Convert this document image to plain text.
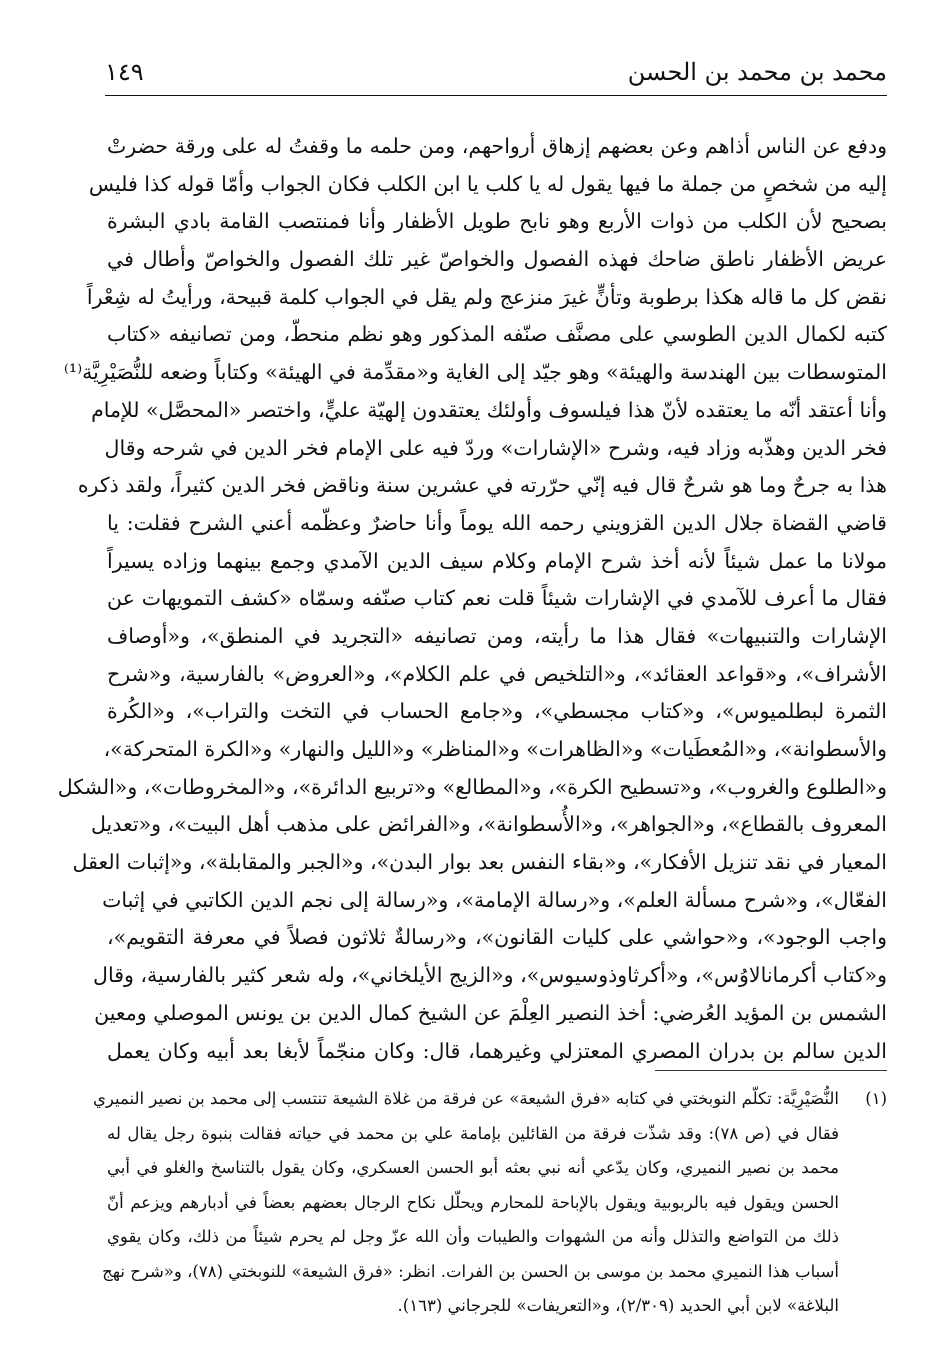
محمد بن محمد بن الحسن
١٤٩
ودفع عن الناس أذاهم وعن بعضهم إزهاق أرواحهم، ومن حلمه ما وقفتُ له على ورقة حضرتْ
إليه من شخصٍ من جملة ما فيها يقول له يا كلب يا ابن الكلب فكان الجواب وأمّا قوله كذا فليس
بصحيح لأن الكلب من ذوات الأربع وهو نابح طويل الأظفار وأنا فمنتصب القامة بادي البشرة
عريض الأظفار ناطق ضاحك فهذه الفصول والخواصّ غير تلك الفصول والخواصّ وأطال في
نقض كل ما قاله هكذا برطوبة وتأنٍّ غيرَ منزعج ولم يقل في الجواب كلمة قبيحة، ورأيتُ له شِعْراً
كتبه لكمال الدين الطوسي على مصنَّف صنّفه المذكور وهو نظم منحطّ، ومن تصانيفه «كتاب
المتوسطات بين الهندسة والهيئة» وهو جيّد إلى الغاية و«مقدِّمة في الهيئة» وكتاباً وضعه للنُّصَيْرِيَّة⁽¹⁾
وأنا أعتقد أنّه ما يعتقده لأنّ هذا فيلسوف وأولئك يعتقدون إلهيّة عليٍّ، واختصر «المحصَّل» للإمام
فخر الدين وهذّبه وزاد فيه، وشرح «الإشارات» وردّ فيه على الإمام فخر الدين في شرحه وقال
هذا به جرحٌ وما هو شرحٌ قال فيه إنّي حرّرته في عشرين سنة وناقض فخر الدين كثيراً، ولقد ذكره
قاضي القضاة جلال الدين القزويني رحمه الله يوماً وأنا حاضرٌ وعظّمه أعني الشرح فقلت: يا
مولانا ما عمل شيئاً لأنه أخذ شرح الإمام وكلام سيف الدين الآمدي وجمع بينهما وزاده يسيراً
فقال ما أعرف للآمدي في الإشارات شيئاً قلت نعم كتاب صنّفه وسمّاه «كشف التمويهات عن
الإشارات والتنبيهات» فقال هذا ما رأيته، ومن تصانيفه «التجريد في المنطق»، و«أوصاف
الأشراف»، و«قواعد العقائد»، و«التلخيص في علم الكلام»، و«العروض» بالفارسية، و«شرح
الثمرة لبطلميوس»، و«كتاب مجسطي»، و«جامع الحساب في التخت والتراب»، و«الكُرة
والأسطوانة»، و«المُعطَيات» و«الظاهرات» و«المناظر» و«الليل والنهار» و«الكرة المتحركة»،
و«الطلوع والغروب»، و«تسطيح الكرة»، و«المطالع» و«تربيع الدائرة»، و«المخروطات»، و«الشكل
المعروف بالقطاع»، و«الجواهر»، و«الأُسطوانة»، و«الفرائض على مذهب أهل البيت»، و«تعديل
المعيار في نقد تنزيل الأفكار»، و«بقاء النفس بعد بوار البدن»، و«الجبر والمقابلة»، و«إثبات العقل
الفعّال»، و«شرح مسألة العلم»، و«رسالة الإمامة»، و«رسالة إلى نجم الدين الكاتبي في إثبات
واجب الوجود»، و«حواشي على كليات القانون»، و«رسالةٌ ثلاثون فصلاً في معرفة التقويم»،
و«كتاب أكرمانالاوُس»، و«أكرثاوذوسيوس»، و«الزيج الأيلخاني»، وله شعر كثير بالفارسية، وقال
الشمس بن المؤيد العُرضي: أخذ النصير العِلْمَ عن الشيخ كمال الدين بن يونس الموصلي ومعين
الدين سالم بن بدران المصري المعتزلي وغيرهما، قال: وكان منجّماً لأبغا بعد أبيه وكان يعمل
(١)
النُّصَيْرِيَّة: تكلّم النوبختي في كتابه «فرق الشيعة» عن فرقة من غلاة الشيعة تنتسب إلى محمد بن نصير النميري
فقال في (ص ٧٨): وقد شذّت فرقة من القائلين بإمامة علي بن محمد في حياته فقالت بنبوة رجل يقال له
محمد بن نصير النميري، وكان يدّعي أنه نبي بعثه أبو الحسن العسكري، وكان يقول بالتناسخ والغلو في أبي
الحسن ويقول فيه بالربوبية ويقول بالإباحة للمحارم ويحلّل نكاح الرجال بعضهم بعضاً في أدبارهم ويزعم أنّ
ذلك من التواضع والتذلل وأنه من الشهوات والطيبات وأن الله عزّ وجل لم يحرم شيئاً من ذلك، وكان يقوي
أسباب هذا النميري محمد بن موسى بن الحسن بن الفرات. انظر: «فرق الشيعة» للنوبختي (٧٨)، و«شرح نهج
البلاغة» لابن أبي الحديد (٢/٣٠٩)، و«التعريفات» للجرجاني (١٦٣).
